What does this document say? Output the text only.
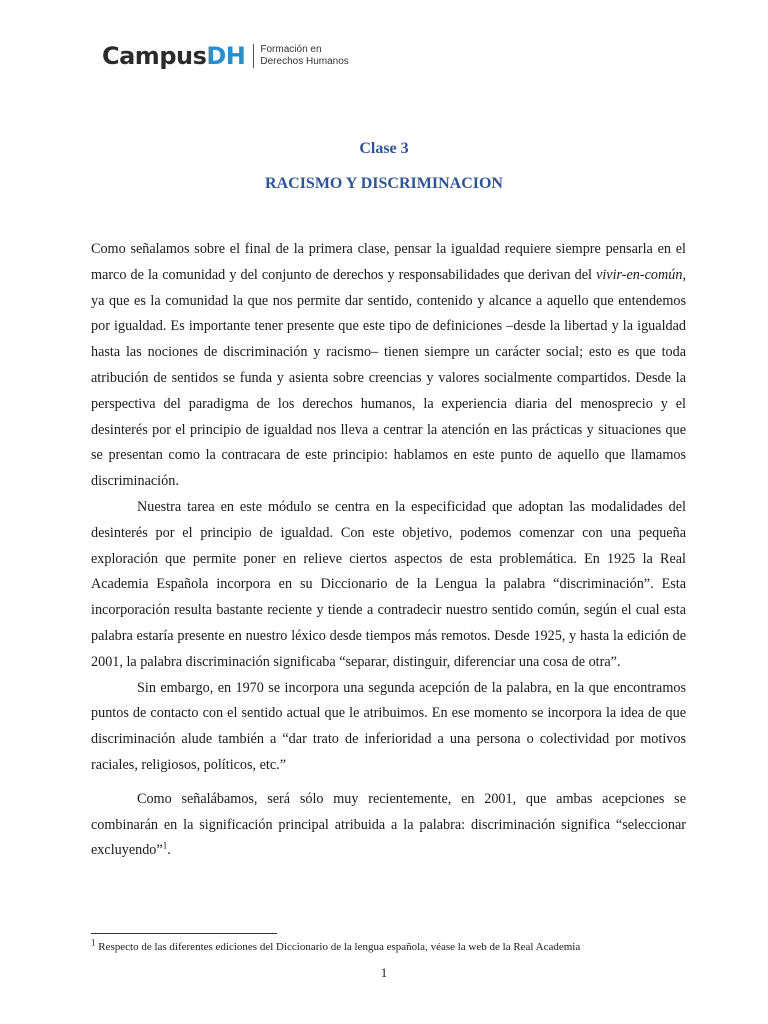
CampusDH Formación en
Derechos Humanos
Clase 3
RACISMO Y DISCRIMINACION

Como señalamos sobre el final de la primera clase, pensar la igualdad requiere siempre pensarla en el marco de la comunidad y del conjunto de derechos y responsabilidades que derivan del vivir-en-común, ya que es la comunidad la que nos permite dar sentido, contenido y alcance a aquello que entendemos por igualdad. Es importante tener presente que este tipo de definiciones –desde la libertad y la igualdad hasta las nociones de discriminación y racismo– tienen siempre un carácter social; esto es que toda atribución de sentidos se funda y asienta sobre creencias y valores socialmente compartidos. Desde la perspectiva del paradigma de los derechos humanos, la experiencia diaria del menosprecio y el desinterés por el principio de igualdad nos lleva a centrar la atención en las prácticas y situaciones que se presentan como la contracara de este principio: hablamos en este punto de aquello que llamamos discriminación.

Nuestra tarea en este módulo se centra en la especificidad que adoptan las modalidades del desinterés por el principio de igualdad. Con este objetivo, podemos comenzar con una pequeña exploración que permite poner en relieve ciertos aspectos de esta problemática. En 1925 la Real Academia Española incorpora en su Diccionario de la Lengua la palabra “discriminación”. Esta incorporación resulta bastante reciente y tiende a contradecir nuestro sentido común, según el cual esta palabra estaría presente en nuestro léxico desde tiempos más remotos. Desde 1925, y hasta la edición de 2001, la palabra discriminación significaba “separar, distinguir, diferenciar una cosa de otra”.

Sin embargo, en 1970 se incorpora una segunda acepción de la palabra, en la que encontramos puntos de contacto con el sentido actual que le atribuimos. En ese momento se incorpora la idea de que discriminación alude también a “dar trato de inferioridad a una persona o colectividad por motivos raciales, religiosos, políticos, etc.”

Como señalábamos, será sólo muy recientemente, en 2001, que ambas acepciones se combinarán en la significación principal atribuida a la palabra: discriminación significa “seleccionar excluyendo”$^1$.

$^1$ Respecto de las diferentes ediciones del Diccionario de la lengua española, véase la web de la Real Academia
1
